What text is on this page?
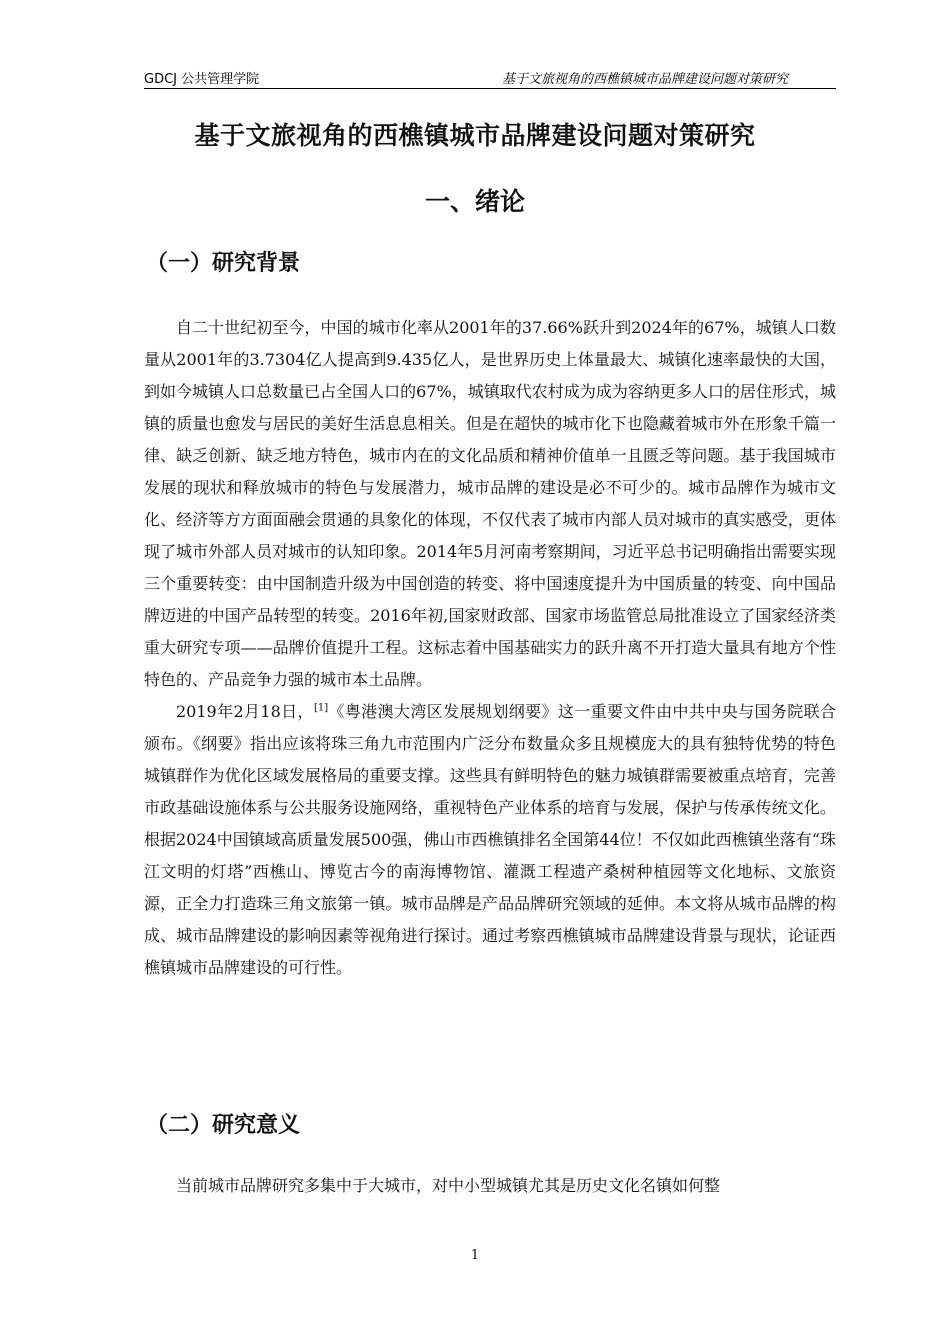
GDCJ 公共管理学院	基于文旅视角的西樵镇城市品牌建设问题对策研究
基于文旅视角的西樵镇城市品牌建设问题对策研究
一、绪论
（一）研究背景

自二十世纪初至今，中国的城市化率从2001年的37.66%跃升到2024年的67%，城镇人口数量从2001年的3.7304亿人提高到9.435亿人，是世界历史上体量最大、城镇化速率最快的大国，到如今城镇人口总数量已占全国人口的67%，城镇取代农村成为成为容纳更多人口的居住形式，城镇的质量也愈发与居民的美好生活息息相关。但是在超快的城市化下也隐藏着城市外在形象千篇一律、缺乏创新、缺乏地方特色，城市内在的文化品质和精神价值单一且匮乏等问题。基于我国城市发展的现状和释放城市的特色与发展潜力，城市品牌的建设是必不可少的。城市品牌作为城市文化、经济等方方面面融会贯通的具象化的体现，不仅代表了城市内部人员对城市的真实感受，更体现了城市外部人员对城市的认知印象。2014年5月河南考察期间，习近平总书记明确指出需要实现三个重要转变：由中国制造升级为中国创造的转变、将中国速度提升为中国质量的转变、向中国品牌迈进的中国产品转型的转变。2016年初,国家财政部、国家市场监管总局批准设立了国家经济类重大研究专项——品牌价值提升工程。这标志着中国基础实力的跃升离不开打造大量具有地方个性特色的、产品竞争力强的城市本土品牌。

2019年2月18日，[1]《粤港澳大湾区发展规划纲要》这一重要文件由中共中央与国务院联合颁布。《纲要》指出应该将珠三角九市范围内广泛分布数量众多且规模庞大的具有独特优势的特色城镇群作为优化区域发展格局的重要支撑。这些具有鲜明特色的魅力城镇群需要被重点培育，完善市政基础设施体系与公共服务设施网络，重视特色产业体系的培育与发展，保护与传承传统文化。根据2024中国镇域高质量发展500强，佛山市西樵镇排名全国第44位！不仅如此西樵镇坐落有“珠江文明的灯塔”西樵山、博览古今的南海博物馆、灌溉工程遗产桑树种植园等文化地标、文旅资源，正全力打造珠三角文旅第一镇。城市品牌是产品品牌研究领域的延伸。本文将从城市品牌的构成、城市品牌建设的影响因素等视角进行探讨。通过考察西樵镇城市品牌建设背景与现状，论证西樵镇城市品牌建设的可行性。

（二）研究意义

当前城市品牌研究多集中于大城市，对中小型城镇尤其是历史文化名镇如何整

1
